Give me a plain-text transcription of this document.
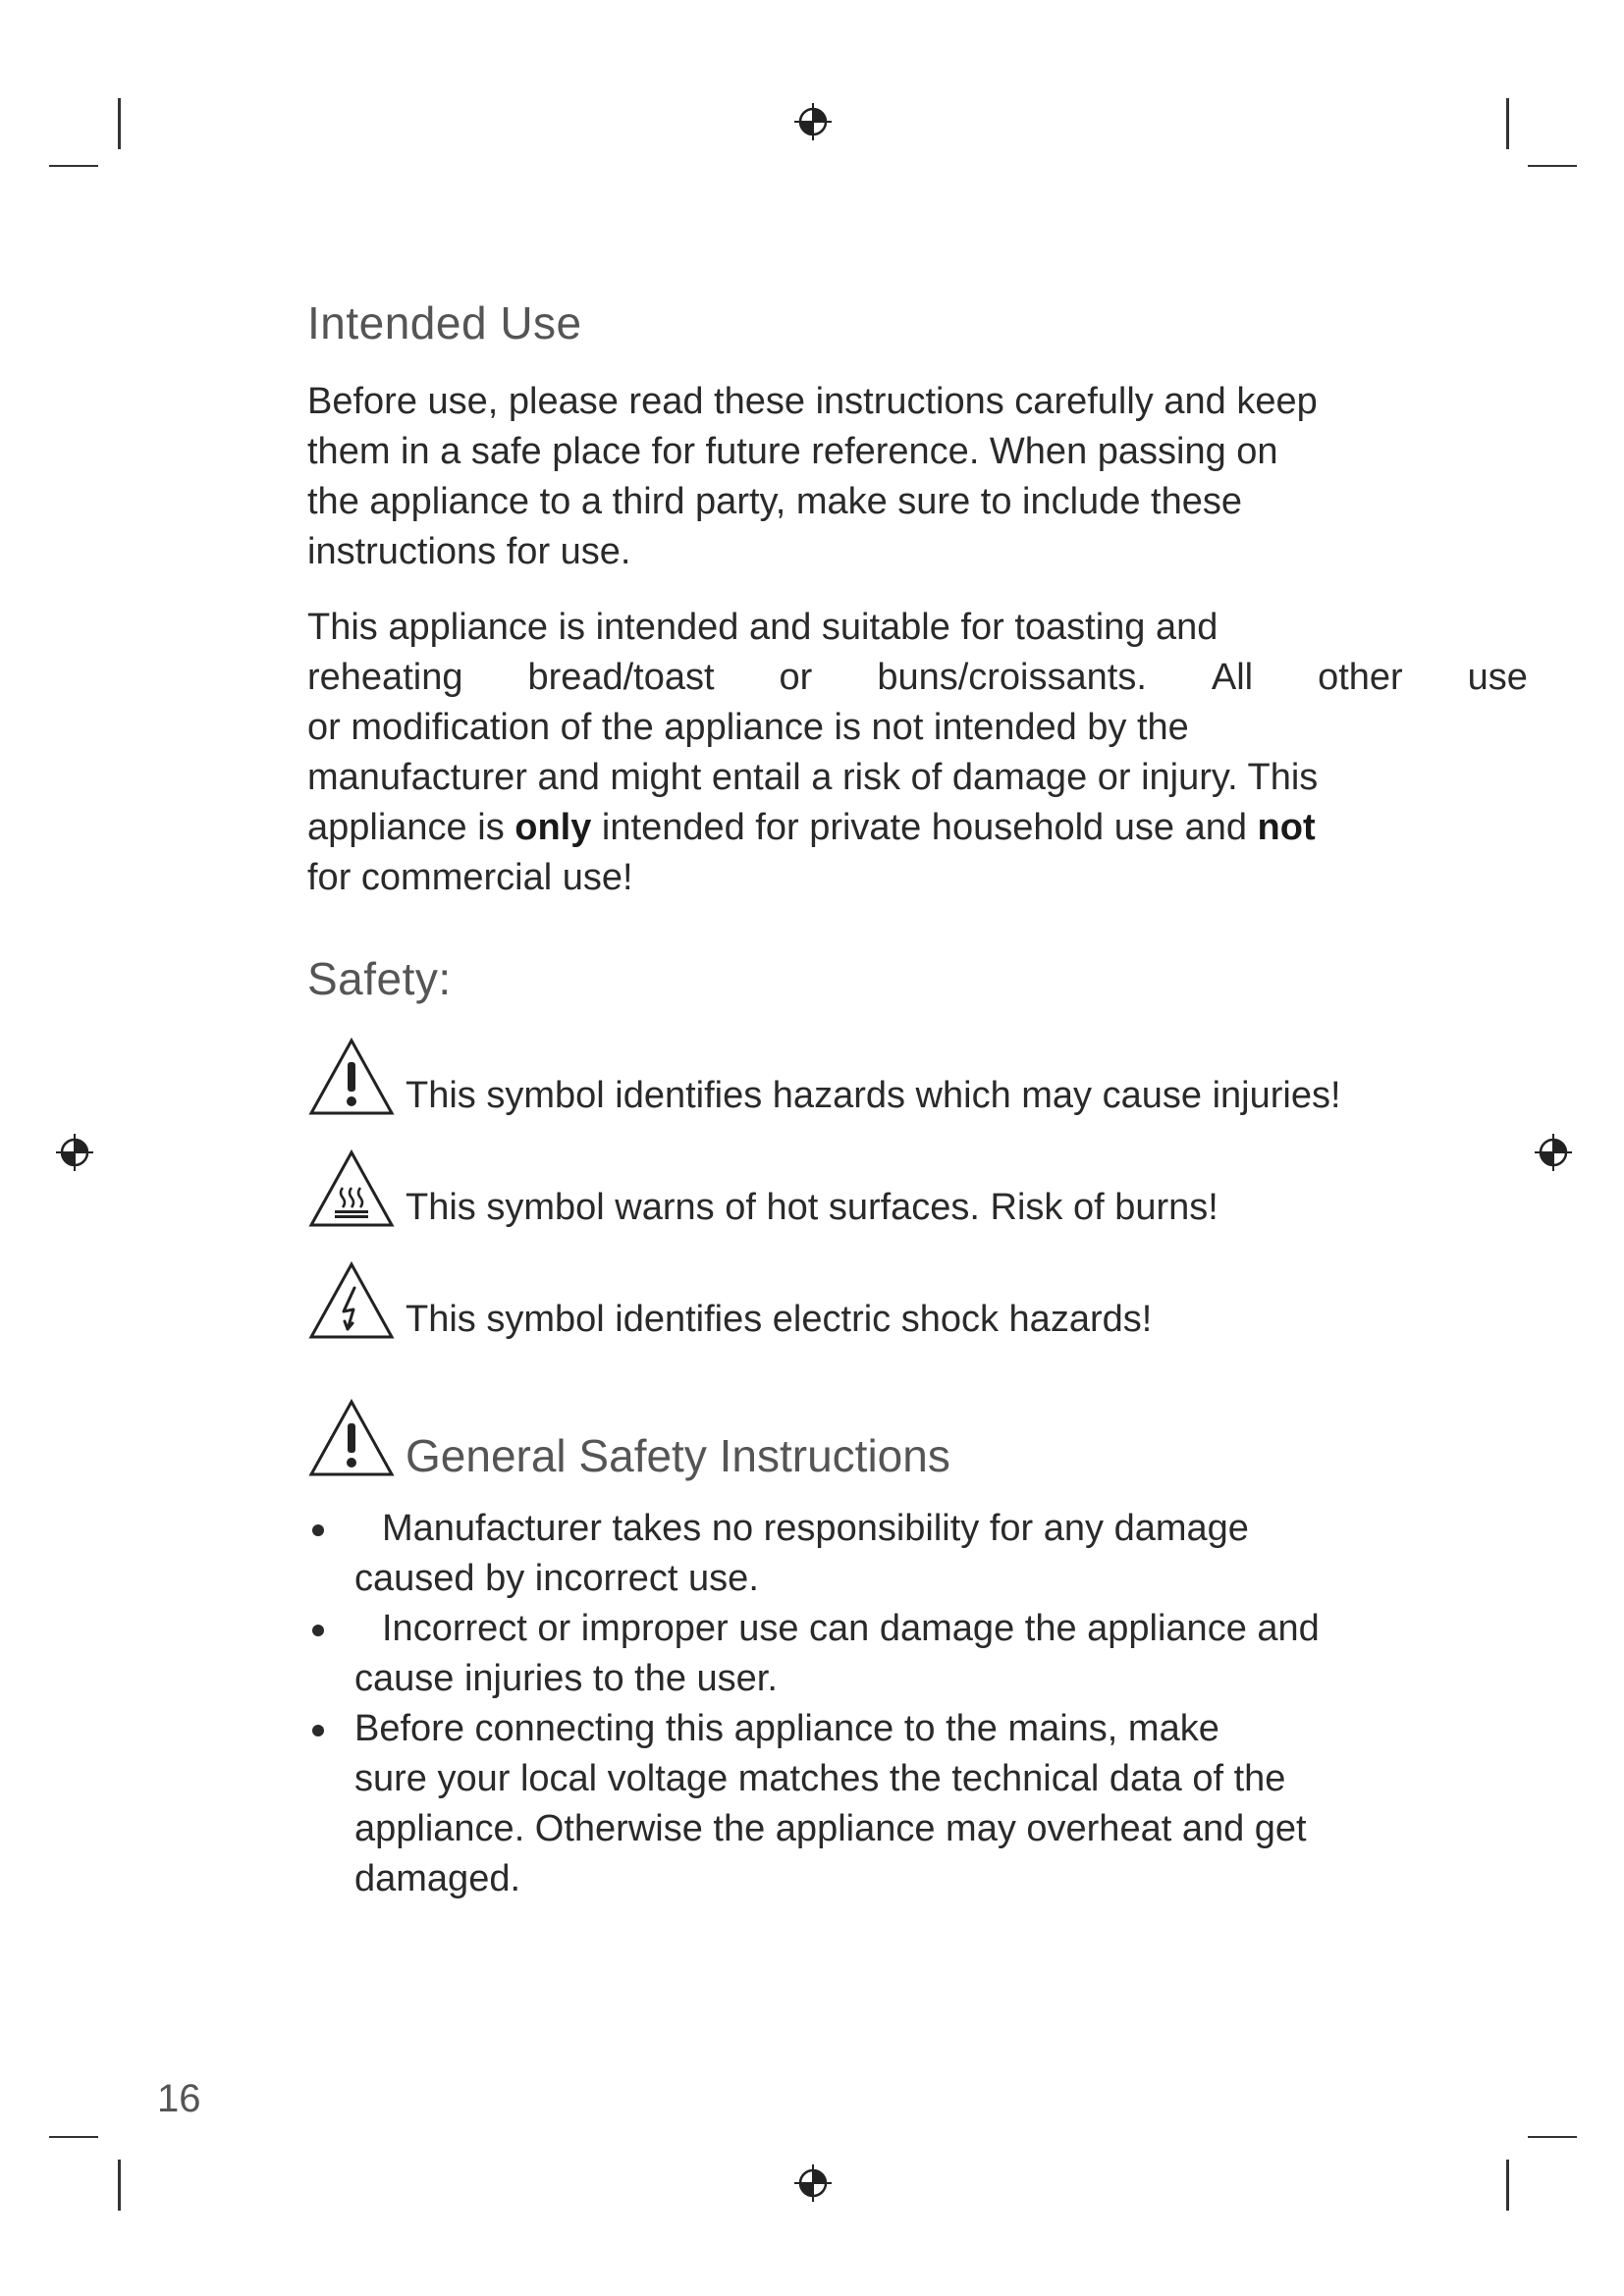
Intended Use

Before use, please read these instructions carefully and keep
them in a safe place for future reference. When passing on
the appliance to a third party, make sure to include these
instructions for use.

This appliance is intended and suitable for toasting and
reheating bread/toast or buns/croissants. All other use
or modification of the appliance is not intended by the
manufacturer and might entail a risk of damage or injury. This
appliance is only intended for private household use and not
for commercial use!
Safety:
This symbol identifies hazards which may cause injuries!
This symbol warns of hot surfaces. Risk of burns!
This symbol identifies electric shock hazards!
General Safety Instructions
Manufacturer takes no responsibility for any damage
caused by incorrect use.
Incorrect or improper use can damage the appliance and
cause injuries to the user.
Before connecting this appliance to the mains, make
sure your local voltage matches the technical data of the
appliance. Otherwise the appliance may overheat and get
damaged.
16
